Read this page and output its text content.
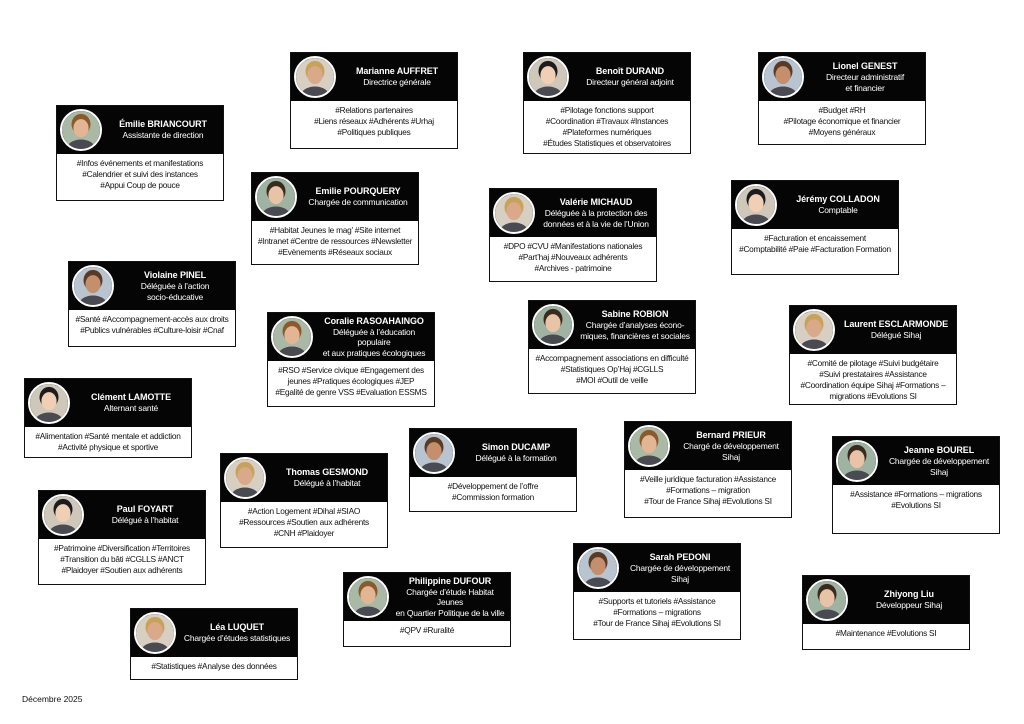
Marianne AUFFRET
Directrice générale
#Relations partenaires
#Liens réseaux #Adhérents #Urhaj
#Politiques publiques
Benoît DURAND
Directeur général adjoint
#Pilotage fonctions support
#Coordination #Travaux #Instances
#Plateformes numériques
#Études Statistiques et observatoires
Lionel GENEST
Directeur administratif
et financier
#Budget #RH
#Pilotage économique et financier
#Moyens généraux
Émilie BRIANCOURT
Assistante de direction
#Infos événements et manifestations
#Calendrier et suivi des instances
#Appui Coup de pouce
Emilie POURQUERY
Chargée de communication
#Habitat Jeunes le mag’ #Site internet
#Intranet #Centre de ressources #Newsletter
#Evènements #Réseaux sociaux
Valérie MICHAUD
Déléguée à la protection des
données et à la vie de l’Union
#DPO #CVU #Manifestations nationales
#Part’haj #Nouveaux adhérents
#Archives - patrimoine
Jérémy COLLADON
Comptable
#Facturation et encaissement
#Comptabilité #Paie #Facturation Formation
Violaine PINEL
Déléguée à l’action
socio-éducative
#Santé #Accompagnement-accès aux droits
#Publics vulnérables #Culture-loisir #Cnaf
Coralie RASOAHAINGO
Déléguée à l’éducation populaire
et aux pratiques écologiques
#RSO #Service civique #Engagement des
jeunes #Pratiques écologiques #JEP
#Egalité de genre VSS #Evaluation ESSMS
Sabine ROBION
Chargée d’analyses écono-
miques, financières et sociales
#Accompagnement associations en difficulté
#Statistiques Op’Haj #CGLLS
#MOI #Outil de veille
Laurent ESCLARMONDE
Délégué Sihaj
#Comité de pilotage #Suivi budgétaire
#Suivi prestataires #Assistance
#Coordination équipe Sihaj #Formations –
migrations #Evolutions SI
Clément LAMOTTE
Alternant santé
#Alimentation #Santé mentale et addiction
#Activité physique et sportive	Simon DUCAMP
Délégué à la formation
#Développement de l’offre
#Commission formation
Bernard PRIEUR
Chargé de développement
Sihaj
#Veille juridique facturation #Assistance
#Formations – migration
#Tour de France Sihaj #Evolutions SI
Jeanne BOUREL
Chargée de développement
Sihaj
#Assistance #Formations – migrations
#Evolutions SI
Thomas GESMOND
Délégué à l’habitat
#Action Logement #Dihal #SIAO
#Ressources #Soutien aux adhérents
#CNH #Plaidoyer
Paul FOYART
Délégué à l’habitat
#Patrimoine #Diversification #Territoires
#Transition du bâti #CGLLS #ANCT
#Plaidoyer #Soutien aux adhérents
Sarah PEDONI
Chargée de développement
Sihaj
#Supports et tutoriels #Assistance
#Formations – migrations
#Tour de France Sihaj #Evolutions SI
Philippine DUFOUR
Chargée d’étude Habitat Jeunes
en Quartier Politique de la ville
#QPV #Ruralité
Zhiyong Liu
Développeur Sihaj
#Maintenance #Evolutions SI
Léa LUQUET
Chargée d’études statistiques
#Statistiques #Analyse des données
Décembre 2025
